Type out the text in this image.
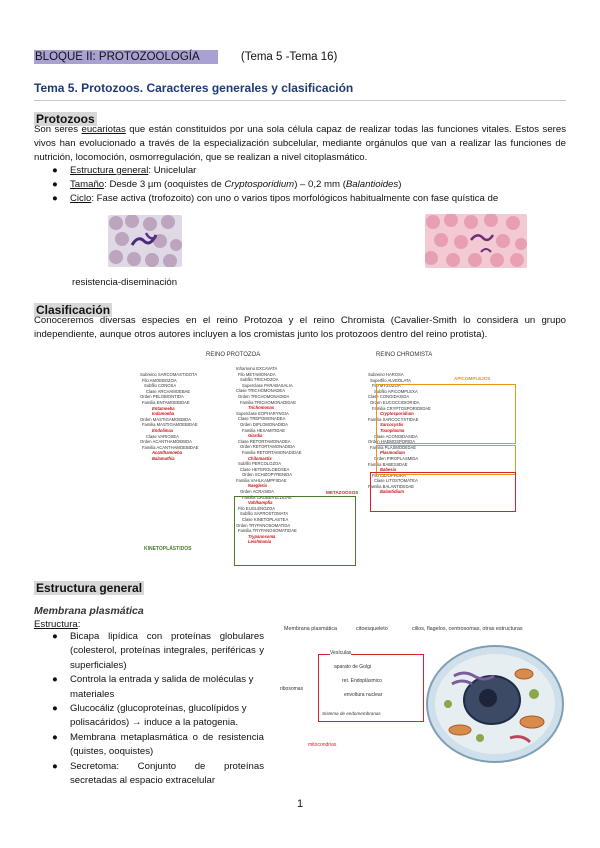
BLOQUE II: PROTOZOOLOGÍA	(Tema 5 -Tema 16)
Tema 5. Protozoos. Caracteres generales y clasificación
Protozoos
Son seres eucariotas que están constituidos por una sola célula capaz de realizar todas las funciones vitales. Estos seres vivos han evolucionado a través de la especialización subcelular, mediante orgánulos que van a realizar las funciones de nutrición, locomoción, osmorregulación, que se realizan a nivel citoplasmático.
● Estructura general: Unicelular
● Tamaño: Desde 3 µm (ooquistes de Cryptosporidium) – 0,2 mm (Balantioides)
● Ciclo: Fase activa (trofozoito) con uno o varios tipos morfológicos habitualmente con fase quística de
resistencia-diseminación
Clasificación
Conoceremos diversas especies en el reino Protozoa y el reino Chromista (Cavalier-Smith lo considera un grupo independiente, aunque otros autores incluyen a los cromistas junto los protozoos dentro del reino protista).
REINO PROTOZOA	REINO CHROMISTA
Subreino SARCOMASTIGOTA
Filo AMOEBOZOA
Subfilo CONOSA
Clase ARCHAMOEBAE
Orden PELOBIONTIDA
Familia ENTAMOEBIDAE
Entamoeba
Iodamoeba
Orden MASTIGAMOEBIDA
Familia MASTIGAMOEBIDAE
Endolimax
Clase VARIOSEA
Orden ACANTHAMOEBIDA
Familia ACANTHAMOEBIDAE
Acanthamoeba
Balamuthia
Infrarreino EXCAVATA
Filo METAMONADA
Subfilo TRICHOZOA
Superclase PARABASALIA
Clase TRICHOMONADEA
Orden TRICHOMONADIDA
Familia TRICHOMONADIDAE
Trichomonas
Superclase EOPHARYNGIA
Clase TREPOMONADEA
Orden DIPLOMONADIDA
Familia HEXAMITIDAE
Giardia
Clase RETORTAMONADEA
Orden RETORTAMONADIDA
Familia RETORTAMONADIDAE
Chilomastix
Subfilo PERCOLOZOA
Clase HETEROLOBOSEA
Orden SCHIZOPYRENIDA
Familia VAHLKAMPFIIDAE
Naegleria
Orden ACRASIDA
Familia GRUBERELLIDAE
Vahlkampfia
Filo EUGLENOZOA
Subfilo SAPROSTOMATA
Clase KINETOPLASTEA
Orden TRYPANOSOMATIDA
Familia TRYPANOSOMATIDAE
Trypanosoma
Leishmania
Subreino HAROSA
Superfilo ALVEOLATA
Filo MYZOZOA
Subfilo APICOMPLEXA
Clase CONOIDASIDA
Orden EUCOCCIDIORIDA
Familia CRYPTOSPORIDIIDAE
Cryptosporidium
Familia SARCOCYSTIDAE
Sarcocystis
Toxoplasma
Clase ACONOIDASIDA
Orden HAEMOSPORIDA
Familia PLASMODIIDAE
Plasmodium
Orden PIROPLASMIDA
Familia BABESIIDAE
Babesia
Filo CILIOPHORA
Clase LITOSTOMATEA
Familia BALANTIDIIDAE
Balantidium
APICOMPLEJOS
METAZOOSOS
KINETOPLÁSTIDOS
Estructura general
Membrana plasmática
Estructura:
●	Bicapa lipídica con proteínas globulares (colesterol, proteínas integrales, periféricas y superficiales)
●	Controla la entrada y salida de moléculas y materiales
●	Glucocáliz (glucoproteínas, glucolípidos y polisacáridos) → induce a la patogenia.
●	Membrana metaplasmática o de resistencia (quistes, ooquistes)
●	Secretoma: Conjunto de proteínas secretadas al espacio extracelular
Membrana plasmática	citoesqueleto	cilios, flagelos, centrosomas, otras estructuras
Vesículas
aparato de Golgi
ret. Endoplásmico
envoltura nuclear
ribosomas
Sistema de endomembranas
mitocondrias
1
